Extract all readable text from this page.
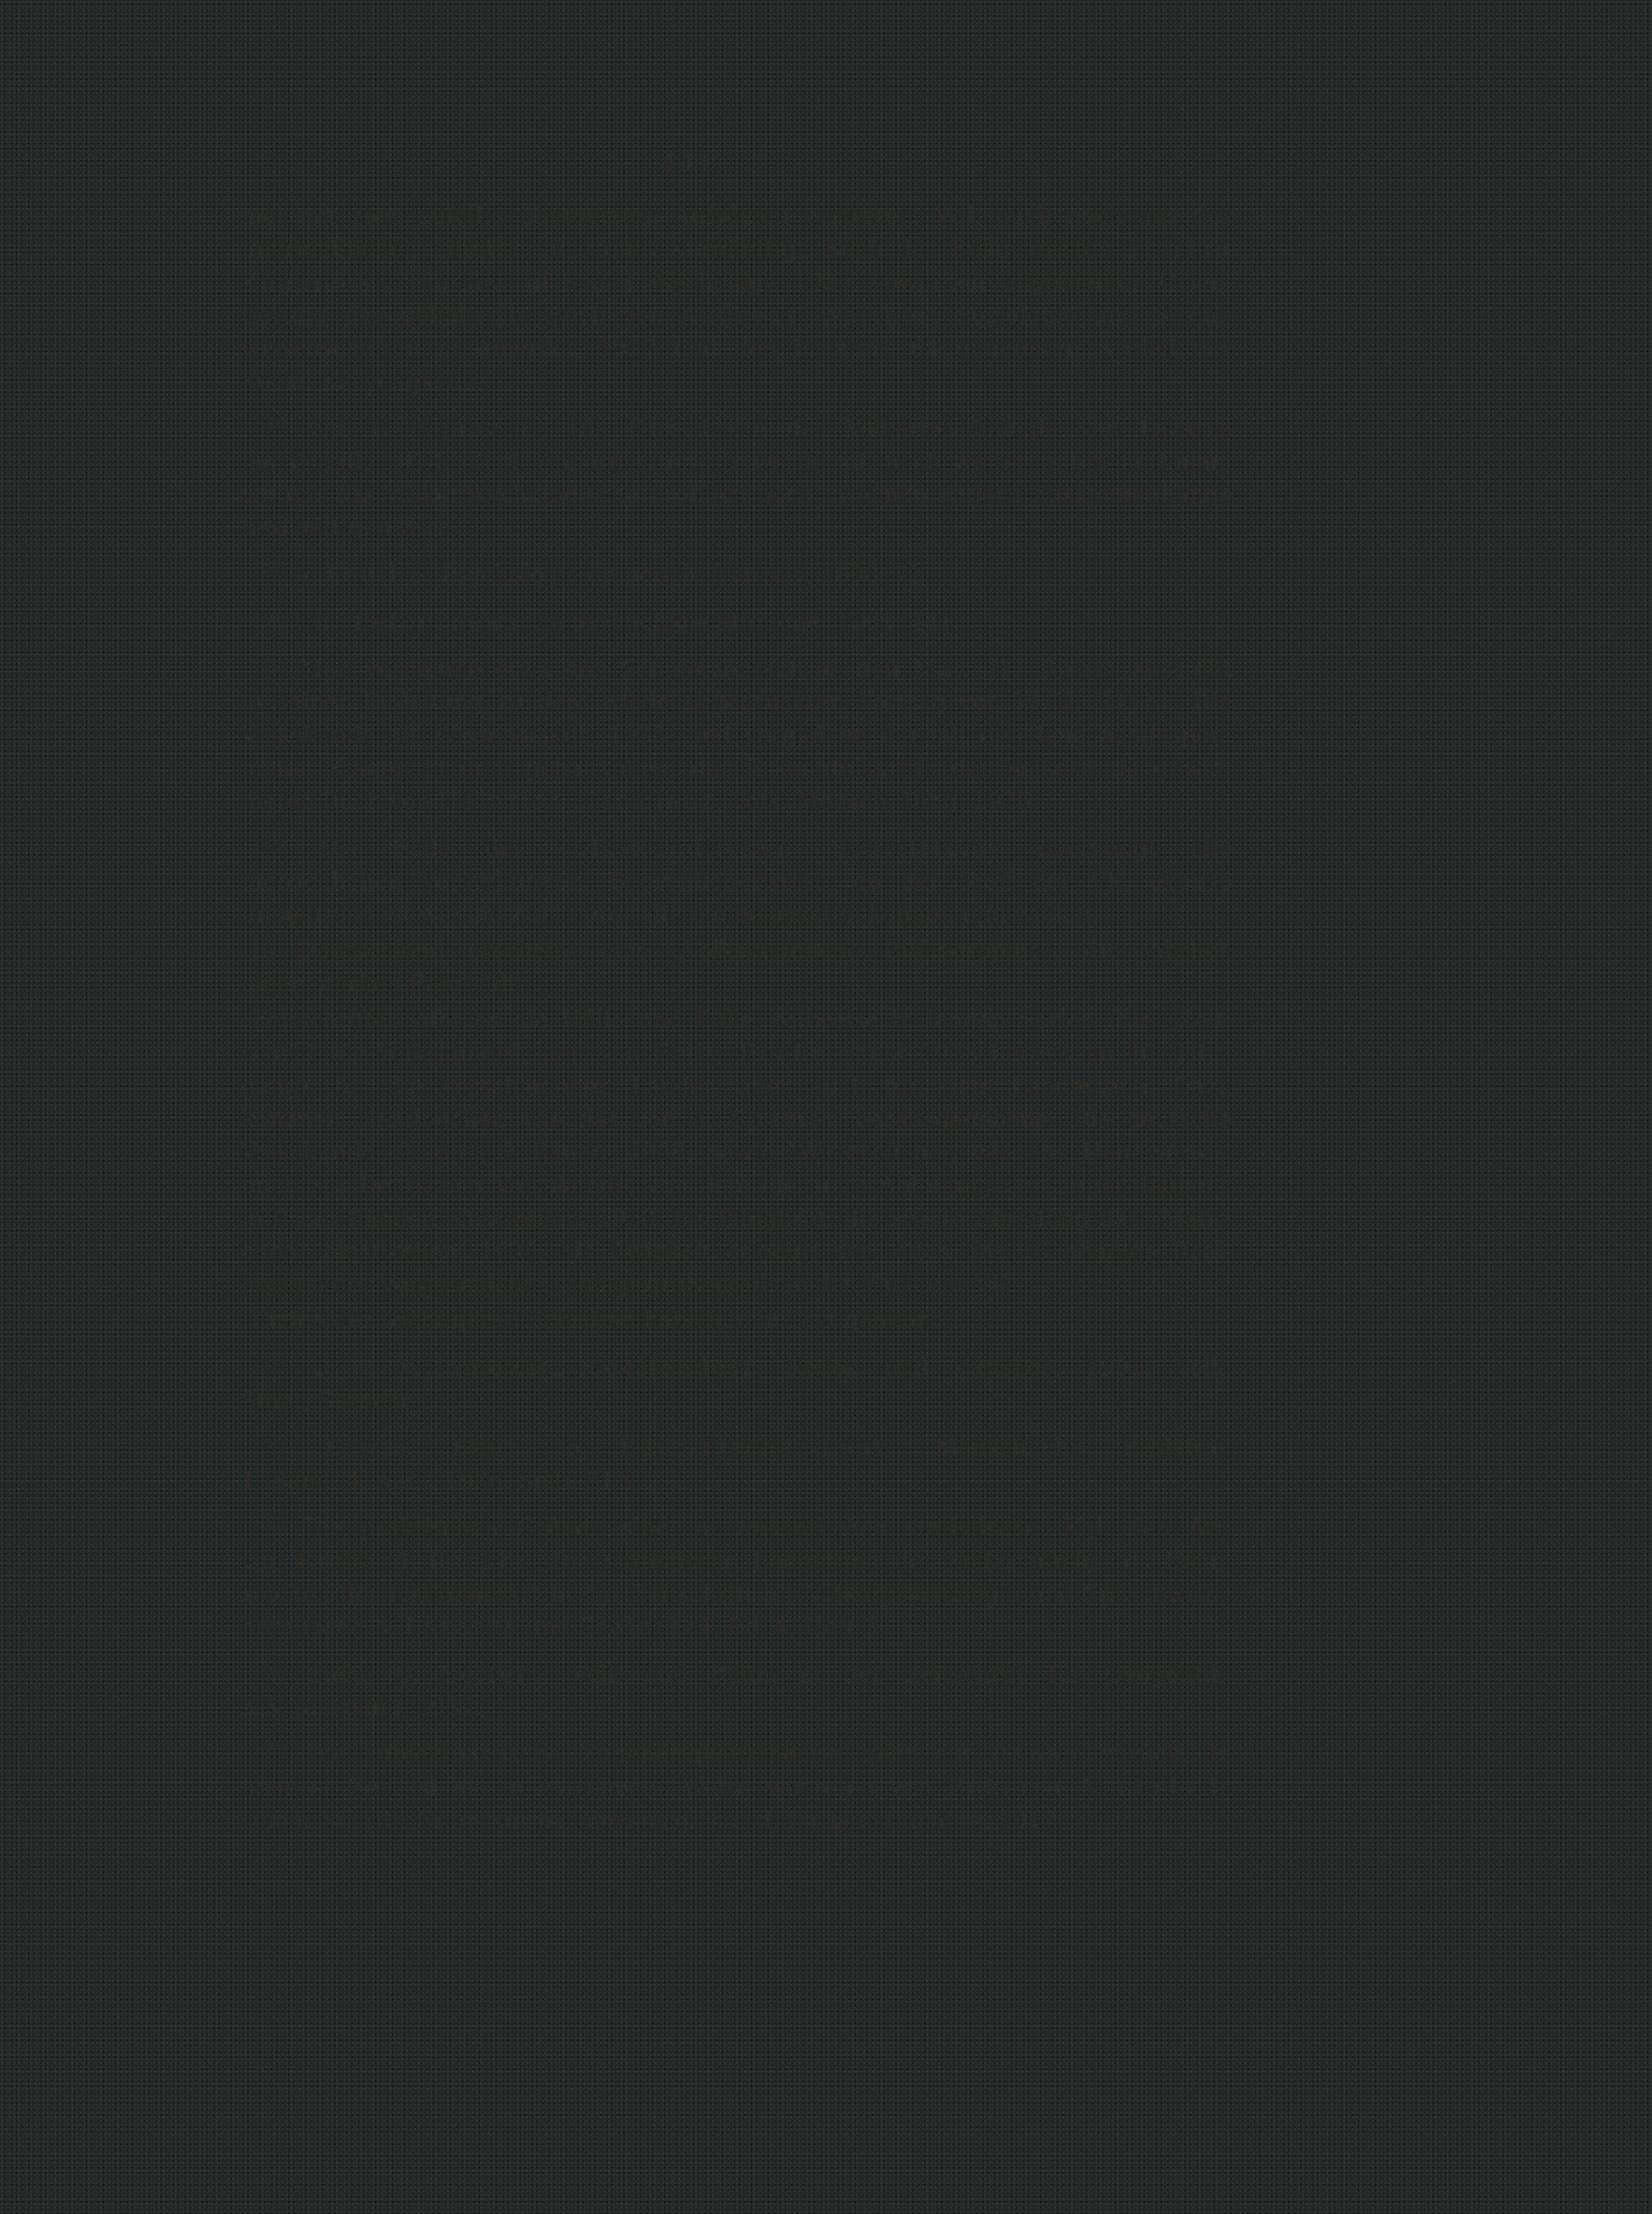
441
mel mit zwei zufällig übersetzten Aufsätzen vertreten. Vgl. auch noch aus der
unermeßlichen Literatur das ganz vernünftige Buch des Behavioristen Florian
Znaniecki, The laws of Social Psychology, 1925, sowie zur allgemeinen Orien-
tierung das gehaltvolle Buch von Andreas Walther, Soziologie und Sozial-
wissenschaften in Amerika, 1927 und den in Anm. 64 genannten Artikel der
Social Encyclopedia.
$^{78)}$ Vgl. C. Sganzini, Die Fortschritte der Völkerpsychologie von Lazarus
bis Wundt, 1913, 33 ff. Andere Literatur werde ich noch weiter unten mitteilen,
wo uns das völkerpsychologische Problem noch in einem andern Zusammenhange
beschäftigen wird.
$^{79)}$ A. Fouillé, Psychologie du peuple français, 1898, 72.
$^{80)}$ Ch. Letourneau, La psychologie ethnique, 1901, 441.
$^{81)}$ Man vernehme etwa den Schmerzensschrei, den Max H. Böhm ausstößt
in seiner Einleitung zu dem wiederabgedruckten Vortrag von W. H. Riehl, Die
Volkskunde als Wissenschaft, 1935, und vergleiche ihn mit den lang ausgespon-
nenen Klagen in dem gehaltvollen, der Erkenntniskritik der Volkskunde gewid-
meten Buch von Heinrich Harmjanz, Volk, Mensch, Ding, 1936.
$^{82)}$ Die Fülle des volkskundlichen Schrifttums übersteigt alle
menschlichen Vorstellungen. Begreiflicherweise, da der Stoff der VK. ebenso
unbegrenzt ist wie die Zahl derer, die ihn bearbeiten können und wollen.
In Deutschland erscheint eine „Volkskundliche Bibliographie“, die jährlich
einen starken Band füllt.
Zeitschriften gibt es die Hülle und Fülle, teilweise in langen Serien (die „Zeit-
schrift für Volkskunde“, her. von Fritz Boehm steht 1938 bereits im 46. Jahr-
gang), für die verschiedenen Länder, aber auch für viele Landesteile. Dazu
kommen Handbücher, wie das von A. Spamer herausgegebene: Die deutsche
Volkskunde; 2. Aufl, 2 Bände, 1938; sowie Wörterbücher, wie das Handwörter-
buch zur Deutschen Volkskunde, von dem die erste Abteilung den „Aberglauben“
in 8 Lex-Bänden einstweilen, 1938, bis Pflugbrot, die zweite Abteilung das „Mähr-
chen“ einstweilen, 1938, bis Ewigkeit erledigt hat. Auch das 16 bändige Real-
lexikon der Vorgeschichte schlägt großenteils in das Fach der VK.
Einige der wichtigeren Schriften habe ich im Text genannt.
$^{83)}$ U. v. Wilamowitz-Moellendorf, Reden und Vorträge, 1901. Volk,
Staat, Sprache.
$^{84)}$ Erwin Baur in Baur-Fischer-Lenz, Menschliche Erblehre,
1. Band, 4. Aufl., 1936, Seite 81 f.
$^{85)}$ Die praktischen Gründe sind im wesentlichen statistische. Vgl. den Art.
von Richard Böckh: „Die statistische Bedeutung der Volkssprache als Kenn-
zeichen der Nationalität“ in der Zeitschrift für Völkerpsychologie und Sprachwiss.,
herausgeg. v. Lazarus und Steinthal, Bd. 4, Heft 3.
$^{86)}$ Siehe G. Seifert, Volk und Raum in der Zeitschrift für Geopolitik;
XIV. Jahrgang, 1937.
$^{87)}$ Die subjektivistische Zugehörigkeitstheorie geht auf Renan zurück. In
neuerer Zeit ist sie in extremster Weise vertreten von Roberto Michels in
seiner Schrift: Notes sur les moyens de constater la nationalité, 1917.
